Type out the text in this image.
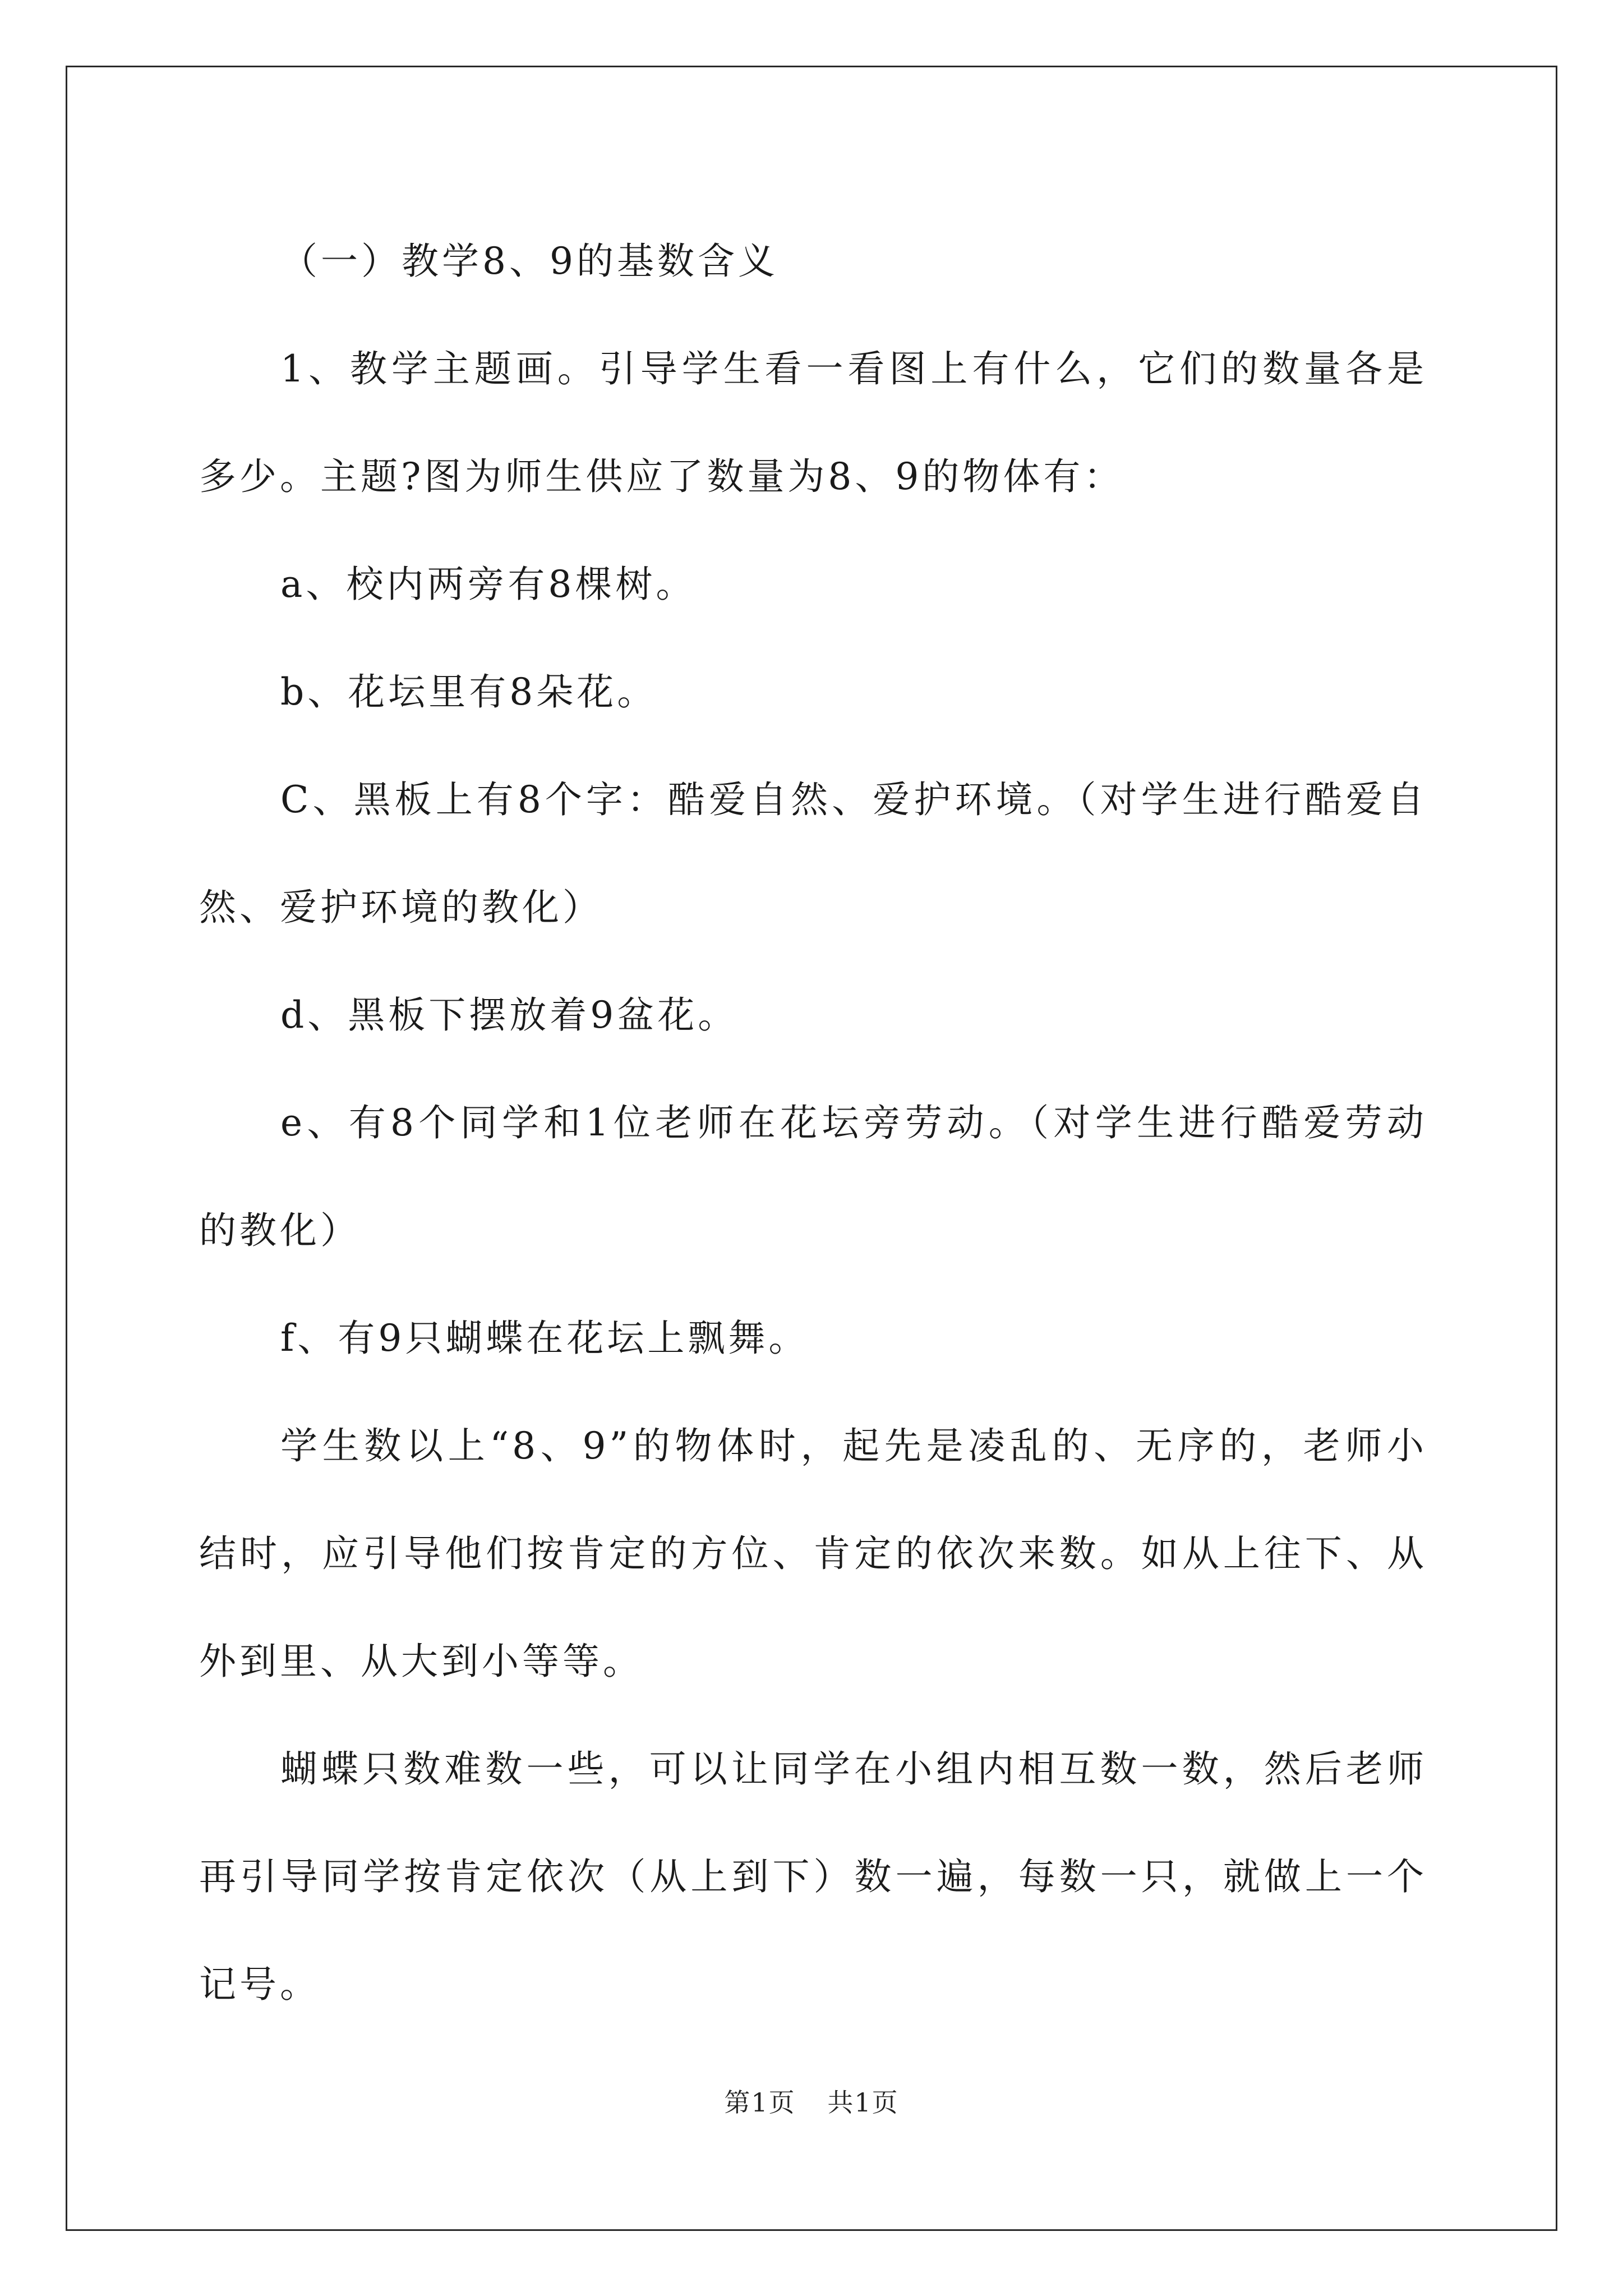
（一）教学8、9的基数含义

1、教学主题画。引导学生看一看图上有什么，它们的数量各是多少。主题?图为师生供应了数量为8、9的物体有：

a、校内两旁有8棵树。

b、花坛里有8朵花。

C、黑板上有8个字：酷爱自然、爱护环境。（对学生进行酷爱自然、爱护环境的教化）

d、黑板下摆放着9盆花。

e、有8个同学和1位老师在花坛旁劳动。（对学生进行酷爱劳动的教化）

f、有9只蝴蝶在花坛上飘舞。

学生数以上“8、9”的物体时，起先是凌乱的、无序的，老师小结时，应引导他们按肯定的方位、肯定的依次来数。如从上往下、从外到里、从大到小等等。

蝴蝶只数难数一些，可以让同学在小组内相互数一数，然后老师再引导同学按肯定依次（从上到下）数一遍，每数一只，就做上一个记号。

第1页 共1页
